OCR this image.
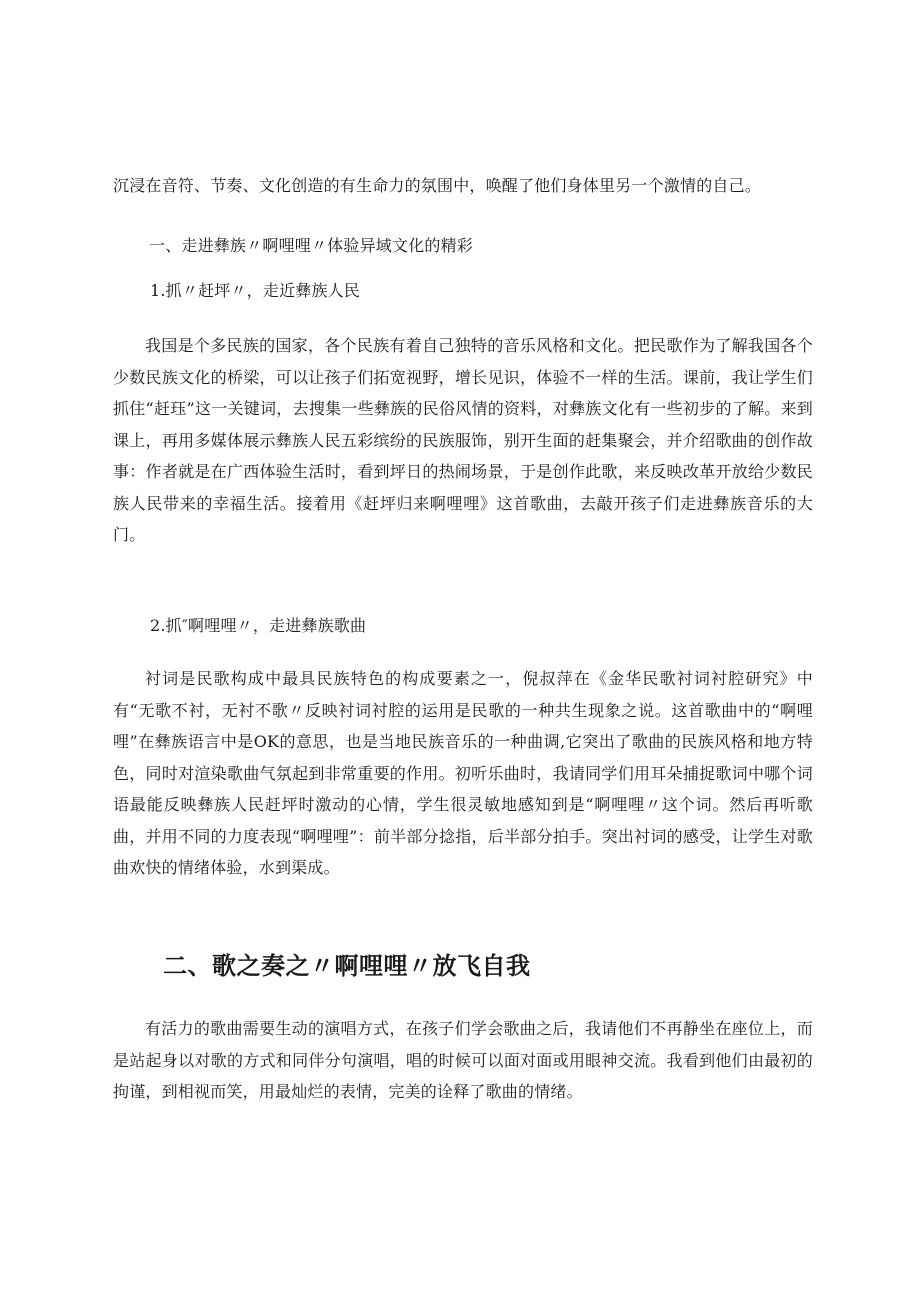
沉浸在音符、节奏、文化创造的有生命力的氛围中，唤醒了他们身体里另一个激情的自己。

一、走进彝族〃啊哩哩〃体验异域文化的精彩
1.抓〃赶坪〃，走近彝族人民

我国是个多民族的国家，各个民族有着自己独特的音乐风格和文化。把民歌作为了解我国各个少数民族文化的桥梁，可以让孩子们拓宽视野，增长见识，体验不一样的生活。课前，我让学生们抓住“赶珏”这一关键词，去搜集一些彝族的民俗风情的资料，对彝族文化有一些初步的了解。来到课上，再用多媒体展示彝族人民五彩缤纷的民族服饰，别开生面的赶集聚会，并介绍歌曲的创作故事：作者就是在广西体验生活时，看到坪日的热闹场景，于是创作此歌，来反映改革开放给少数民族人民带来的幸福生活。接着用《赶坪归来啊哩哩》这首歌曲，去敲开孩子们走进彝族音乐的大门。

2.抓″啊哩哩〃，走进彝族歌曲

衬词是民歌构成中最具民族特色的构成要素之一，倪叔萍在《金华民歌衬词衬腔研究》中有“无歌不衬，无衬不歌〃反映衬词衬腔的运用是民歌的一种共生现象之说。这首歌曲中的“啊哩哩”在彝族语言中是OK的意思，也是当地民族音乐的一种曲调,它突出了歌曲的民族风格和地方特色，同时对渲染歌曲气氛起到非常重要的作用。初听乐曲时，我请同学们用耳朵捕捉歌词中哪个词语最能反映彝族人民赶坪时激动的心情，学生很灵敏地感知到是“啊哩哩〃这个词。然后再听歌曲，并用不同的力度表现“啊哩哩”：前半部分捻指，后半部分拍手。突出衬词的感受，让学生对歌曲欢快的情绪体验，水到渠成。

二、歌之奏之〃啊哩哩〃放飞自我

有活力的歌曲需要生动的演唱方式，在孩子们学会歌曲之后，我请他们不再静坐在座位上，而是站起身以对歌的方式和同伴分句演唱，唱的时候可以面对面或用眼神交流。我看到他们由最初的拘谨，到相视而笑，用最灿烂的表情，完美的诠释了歌曲的情绪。
